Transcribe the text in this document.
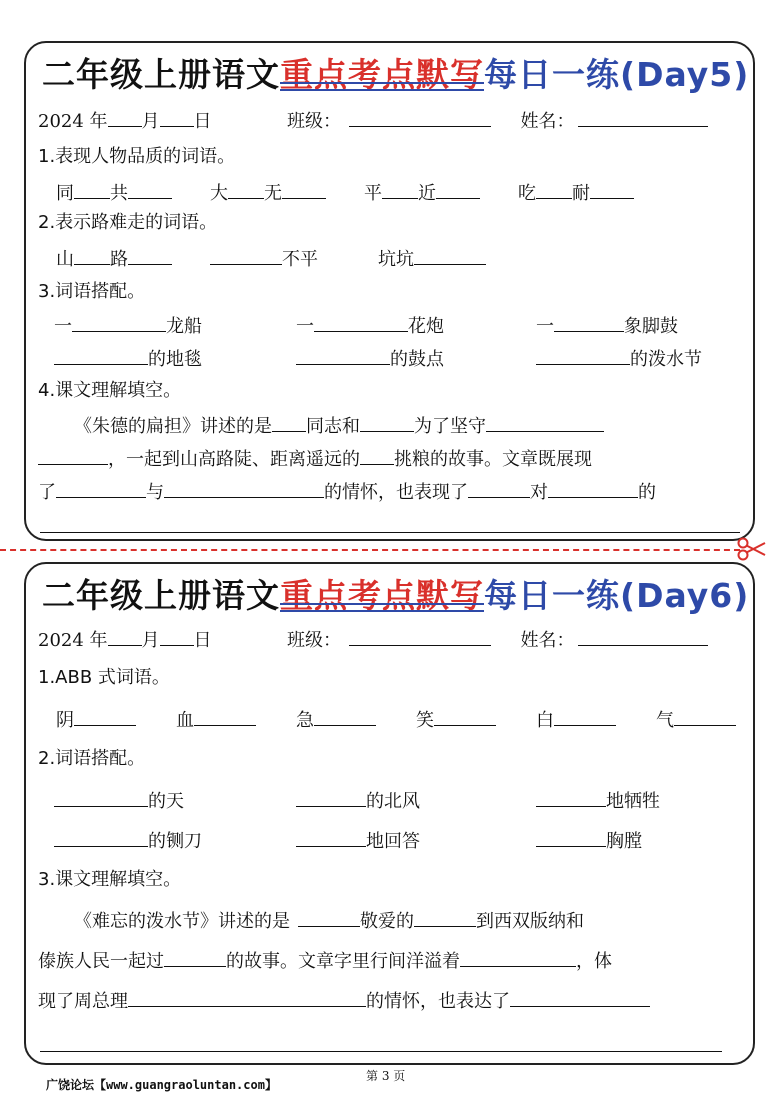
二年级上册语文重点考点默写每日一练(Day5)
2024 年 月 日	班级：	姓名：
1.表现人物品质的词语。
同 共	大 无	平 近	吃 耐
2.表示路难走的词语。
山 路	不平	坑坑
3.词语搭配。
一	龙船	一	花炮	一	象脚鼓
的地毯	的鼓点	的泼水节
4.课文理解填空。
《朱德的扁担》讲述的是 同志和	为了坚守
，一起到山高路陡、距离遥远的 挑粮的故事。文章既展现
了	与	的情怀，也表现了	对	的
二年级上册语文重点考点默写每日一练(Day6)
2024 年 月 日	班级：	姓名：
1.ABB 式词语。
阴	血	急	笑	白	气
2.词语搭配。
的天	的北风	地牺牲
的铡刀	地回答	胸膛
3.课文理解填空。
《难忘的泼水节》讲述的是	敬爱的	到西双版纳和
傣族人民一起过	的故事。文章字里行间洋溢着	，体
现了周总理	的情怀，也表达了
第 3 页
广饶论坛【www.guangraoluntan.com】
